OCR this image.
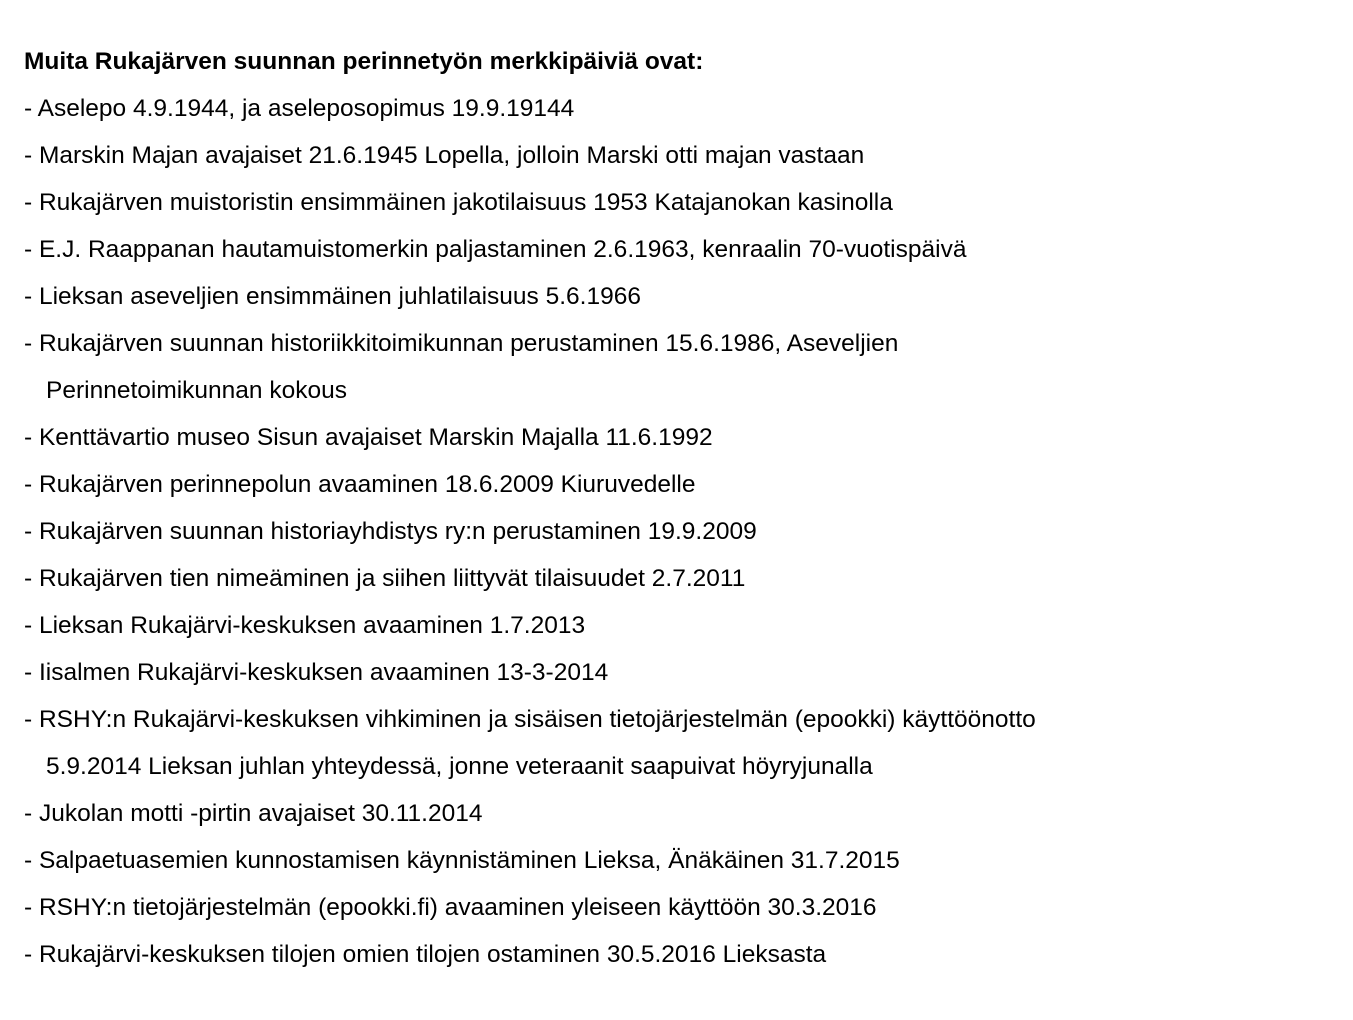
Muita Rukajärven suunnan perinnetyön merkkipäiviä ovat:
- Aselepo 4.9.1944, ja aseleposopimus 19.9.19144
- Marskin Majan avajaiset 21.6.1945 Lopella, jolloin Marski otti majan vastaan
- Rukajärven muistoristin ensimmäinen jakotilaisuus 1953 Katajanokan kasinolla
- E.J. Raappanan hautamuistomerkin paljastaminen 2.6.1963, kenraalin 70-vuotispäivä
- Lieksan aseveljien ensimmäinen juhlatilaisuus 5.6.1966
- Rukajärven suunnan historiikkitoimikunnan perustaminen 15.6.1986, Aseveljien
Perinnetoimikunnan kokous
- Kenttävartio museo Sisun avajaiset Marskin Majalla 11.6.1992
- Rukajärven perinnepolun avaaminen 18.6.2009 Kiuruvedelle
- Rukajärven suunnan historiayhdistys ry:n perustaminen 19.9.2009
- Rukajärven tien nimeäminen ja siihen liittyvät tilaisuudet 2.7.2011
- Lieksan Rukajärvi-keskuksen avaaminen 1.7.2013
- Iisalmen Rukajärvi-keskuksen avaaminen 13-3-2014
- RSHY:n Rukajärvi-keskuksen vihkiminen ja sisäisen tietojärjestelmän (epookki) käyttöönotto
5.9.2014 Lieksan juhlan yhteydessä, jonne veteraanit saapuivat höyryjunalla
- Jukolan motti -pirtin avajaiset 30.11.2014
- Salpaetuasemien kunnostamisen käynnistäminen Lieksa, Änäkäinen 31.7.2015
- RSHY:n tietojärjestelmän (epookki.fi) avaaminen yleiseen käyttöön 30.3.2016
- Rukajärvi-keskuksen tilojen omien tilojen ostaminen 30.5.2016 Lieksasta
